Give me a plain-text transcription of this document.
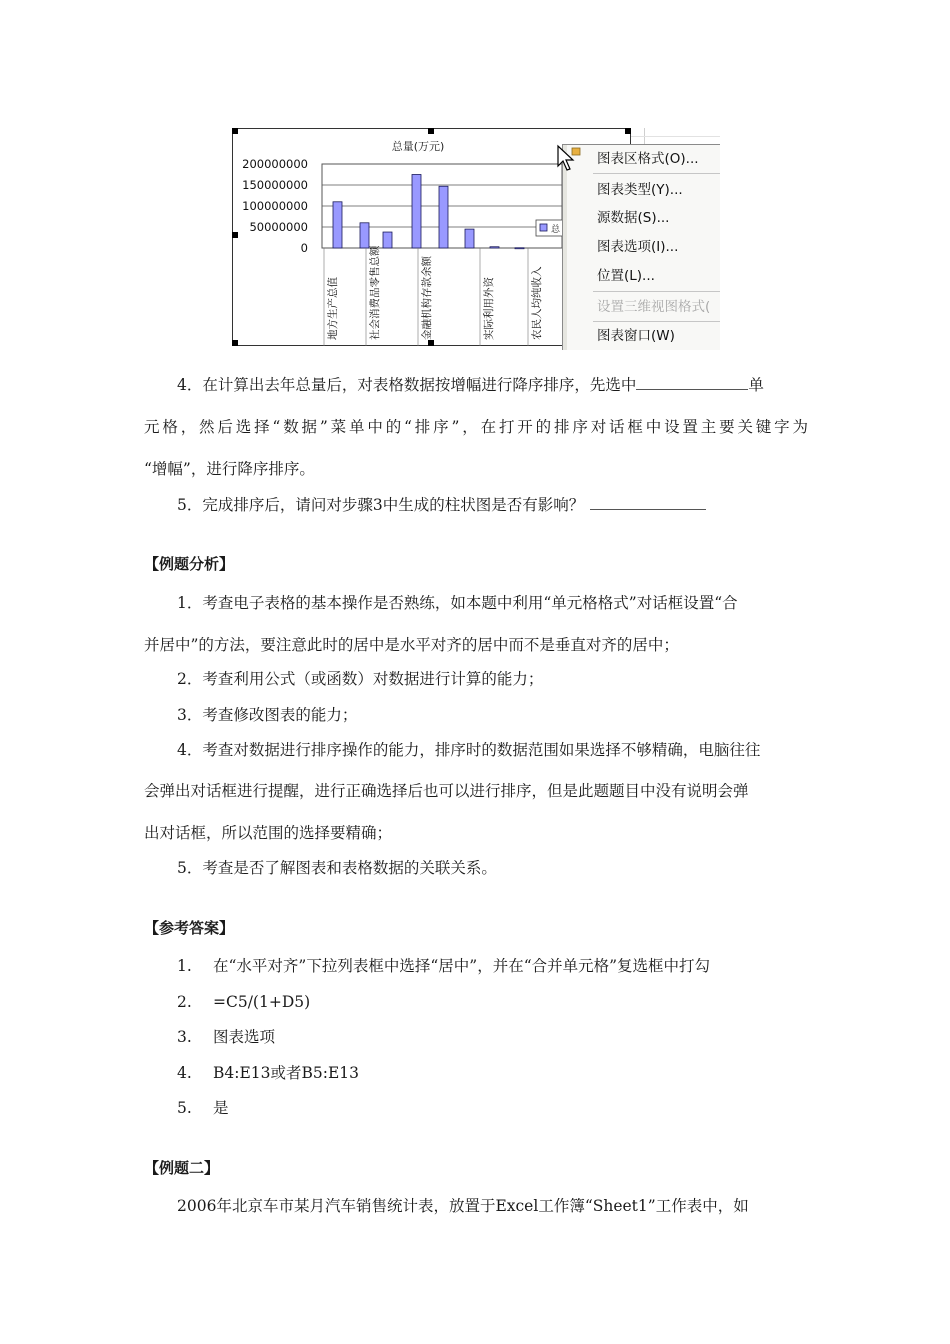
总量(万元)
200000000
150000000
100000000
50000000
0
地方生产总值	社会消费品零售总额	金融机构存款余额	实际利用外资	农民人均纯收入
总
图表区格式(O)...
图表类型(Y)...
源数据(S)...
图表选项(I)...
位置(L)...
设置三维视图格式(
图表窗口(W)
4．在计算出去年总量后，对表格数据按增幅进行降序排序，先选中	单
元格，然后选择“数据”菜单中的“排序”，在打开的排序对话框中设置主要关键字为
“增幅”，进行降序排序。
5．完成排序后，请问对步骤3中生成的柱状图是否有影响？
【例题分析】
1．考查电子表格的基本操作是否熟练，如本题中利用“单元格格式”对话框设置“合
并居中”的方法，要注意此时的居中是水平对齐的居中而不是垂直对齐的居中；
2．考查利用公式（或函数）对数据进行计算的能力；
3．考查修改图表的能力；
4．考查对数据进行排序操作的能力，排序时的数据范围如果选择不够精确，电脑往往
会弹出对话框进行提醒，进行正确选择后也可以进行排序，但是此题题目中没有说明会弹
出对话框，所以范围的选择要精确；
5．考查是否了解图表和表格数据的关联关系。
【参考答案】
1. 在“水平对齐”下拉列表框中选择“居中”，并在“合并单元格”复选框中打勾
2. =C5/(1+D5)
3. 图表选项
4. B4:E13或者B5:E13
5. 是
【例题二】
2006年北京车市某月汽车销售统计表，放置于Excel工作簿“Sheet1”工作表中，如
